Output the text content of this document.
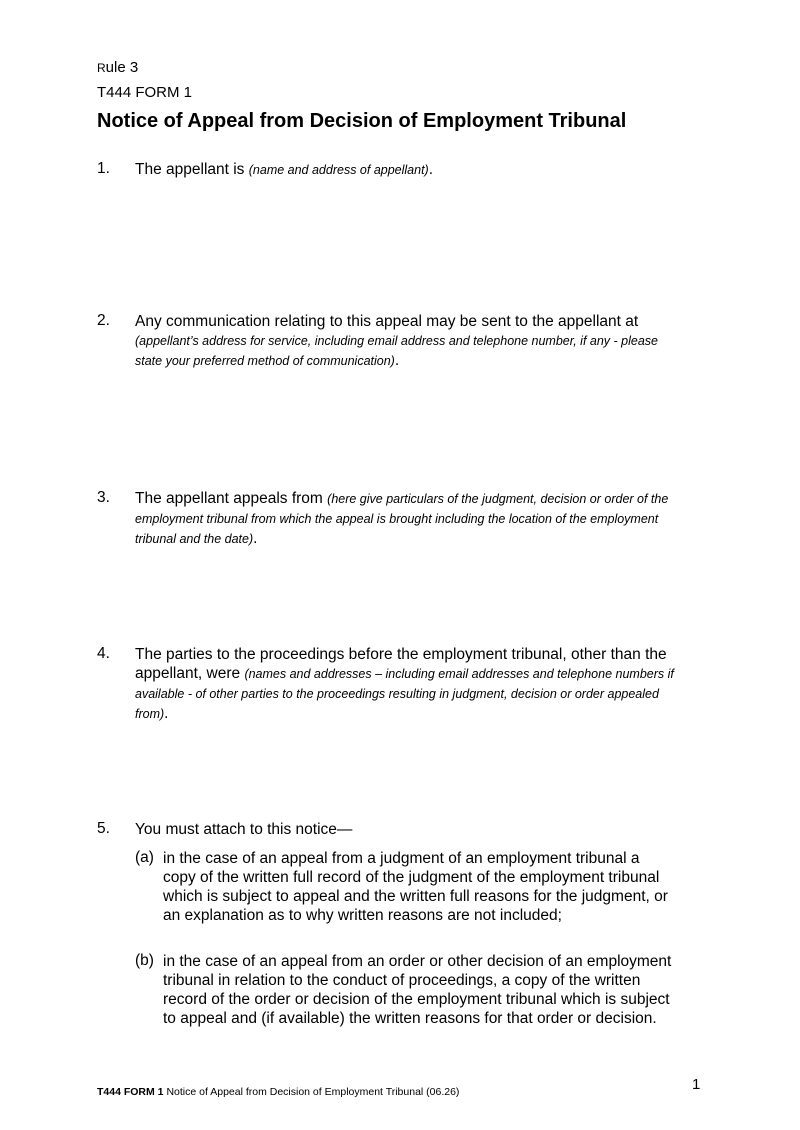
Rule 3
T444 FORM 1
Notice of Appeal from Decision of Employment Tribunal
1. The appellant is (name and address of appellant).
2. Any communication relating to this appeal may be sent to the appellant at (appellant’s address for service, including email address and telephone number, if any - please state your preferred method of communication).
3. The appellant appeals from (here give particulars of the judgment, decision or order of the employment tribunal from which the appeal is brought including the location of the employment tribunal and the date).
4. The parties to the proceedings before the employment tribunal, other than the appellant, were (names and addresses – including email addresses and telephone numbers if available - of other parties to the proceedings resulting in judgment, decision or order appealed from).
5. You must attach to this notice—
(a) in the case of an appeal from a judgment of an employment tribunal a copy of the written full record of the judgment of the employment tribunal which is subject to appeal and the written full reasons for the judgment, or an explanation as to why written reasons are not included;
(b) in the case of an appeal from an order or other decision of an employment tribunal in relation to the conduct of proceedings, a copy of the written record of the order or decision of the employment tribunal which is subject to appeal and (if available) the written reasons for that order or decision.
T444 FORM 1 Notice of Appeal from Decision of Employment Tribunal (06.26)	1
